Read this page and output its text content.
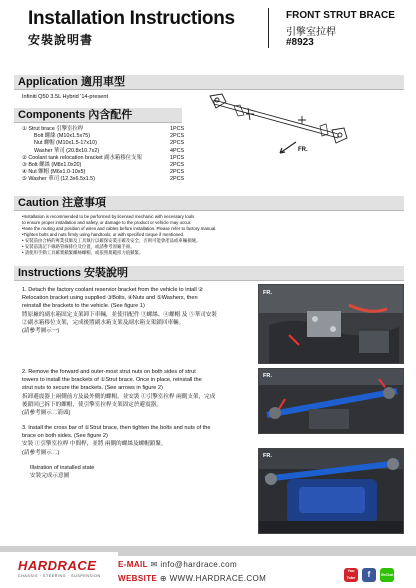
Installation Instructions
安裝說明書
FRONT STRUT BRACE
引擎室拉桿
#8923
Application 適用車型
Infiniti Q50 3.5L Hybrid '14-present
Components 內含配件
① Strut brace 引擎室拉桿	1PCS
Bolt 螺絲 (M10x1.5x75)	2PCS
Nut 螺帽 (M10x1.5-17x10)	2PCS
Washer 華司 (20.8x10.7x2)	4PCS
② Coolant tank relocation bracket 副水箱移位支架	1PCS
③ Bolt 螺絲 (M8x1.0x20)	2PCS
④ Nut 螺帽 (M6x1.0-10x5)	2PCS
⑤ Washer 華司 (12.3x6.5x1.5)	2PCS
FR.
Caution 注意事項
•Installation is recommended to be performed by licensed mechanic with necessary tools
to ensure proper installation and safety, or damage to the product or vehicle may occur.
•Note the routing and position of wires and cables before installation. Please refer to factory manual.
•Tighten bolts and nuts firmly using handtools, or with specified torque if mentioned.
• 安裝前由合格的專業技師及工具執行以確保安裝正確及安全，否則可能會產品或車輛損壞。
• 安裝前請記下線路管線排位及位置，或請參考原廠手冊。
• 請使用手動工具確實鎖緊螺絲螺帽，或依照規範扭力值鎖緊。
Instructions 安裝說明
1. Detach the factory coolant reservior bracket from the vehicle to intall ②
Relocation bracket using supplied ③Bolts, ④Nuts and ⑤Washers, then
reinstall the brackets to the vehicle. (See figure 1)
將原廠的副水箱固定支架卸下車輛，並使用配件 ③螺絲、④螺帽 及 ⑤華司安裝
②副水箱移位支架，完成後將副水箱支架及副水箱支架鎖回車輛。
(請參考圖示一)
2. Remove the forward and outer-most strut nuts on both sides of strut
towers to install the brackets of ①Strut brace. Once in place, reinstall the
strut nuts to secure the brackets. (See arrows in figure 2)
拆卸避震器上兩側前方及最外側的螺帽，並安裝 ①引擎室拉桿 兩側支架，完成
後鎖回已拆下的螺帽，使引擎室拉桿支架固定於避震器。
(請參考圖示二箭頭)
3. Install the cross bar of ①Strut brace, then tighten the bolts and nuts of the
brace on both sides. (See figure 2)
安裝 ①引擎室拉桿 中間桿，並將 兩側的螺絲及螺帽鎖緊。
(請參考圖示二)
Illstration of installed state
安裝完成示意圖
FR.
FR.
FR.
HARDRACE
CHASSIS · STEERING · SUSPENSION
E-MAIL ✉ info@hardrace.com
WEBSITE ⊕ WWW.HARDRACE.COM
You Tube	f	WeChat
